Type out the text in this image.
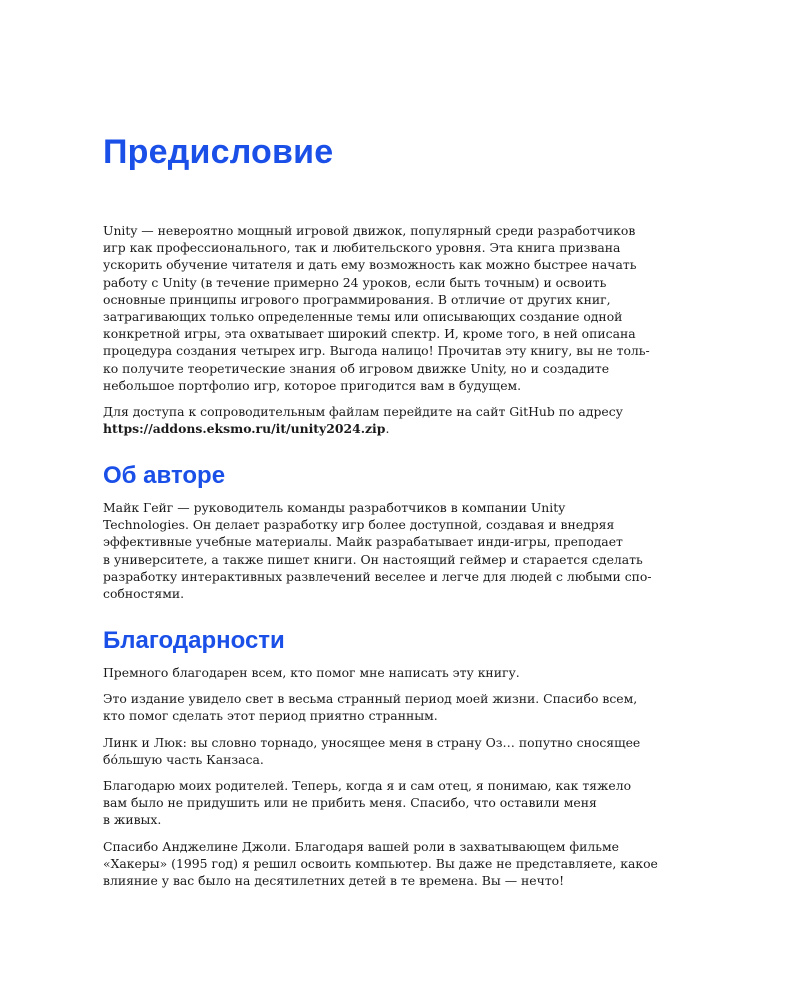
Предисловие

Unity — невероятно мощный игровой движок, популярный среди разработчиков
игр как профессионального, так и любительского уровня. Эта книга призвана
ускорить обучение читателя и дать ему возможность как можно быстрее начать
работу с Unity (в течение примерно 24 уроков, если быть точным) и освоить
основные принципы игрового программирования. В отличие от других книг,
затрагивающих только определенные темы или описывающих создание одной
конкретной игры, эта охватывает широкий спектр. И, кроме того, в ней описана
процедура создания четырех игр. Выгода налицо! Прочитав эту книгу, вы не толь-
ко получите теоретические знания об игровом движке Unity, но и создадите
небольшое портфолио игр, которое пригодится вам в будущем.

Для доступа к сопроводительным файлам перейдите на сайт GitHub по адресу
https://addons.eksmo.ru/it/unity2024.zip.

Об авторе

Майк Гейг — руководитель команды разработчиков в компании Unity
Technologies. Он делает разработку игр более доступной, создавая и внедряя
эффективные учебные материалы. Майк разрабатывает инди-игры, преподает
в университете, а также пишет книги. Он настоящий геймер и старается сделать
разработку интерактивных развлечений веселее и легче для людей с любыми спо-
собностями.

Благодарности

Премного благодарен всем, кто помог мне написать эту книгу.

Это издание увидело свет в весьма странный период моей жизни. Спасибо всем,
кто помог сделать этот период приятно странным.

Линк и Люк: вы словно торнадо, уносящее меня в страну Оз… попутно сносящее
бо́льшую часть Канзаса.

Благодарю моих родителей. Теперь, когда я и сам отец, я понимаю, как тяжело
вам было не придушить или не прибить меня. Спасибо, что оставили меня
в живых.

Спасибо Анджелине Джоли. Благодаря вашей роли в захватывающем фильме
«Хакеры» (1995 год) я решил освоить компьютер. Вы даже не представляете, какое
влияние у вас было на десятилетних детей в те времена. Вы — нечто!
